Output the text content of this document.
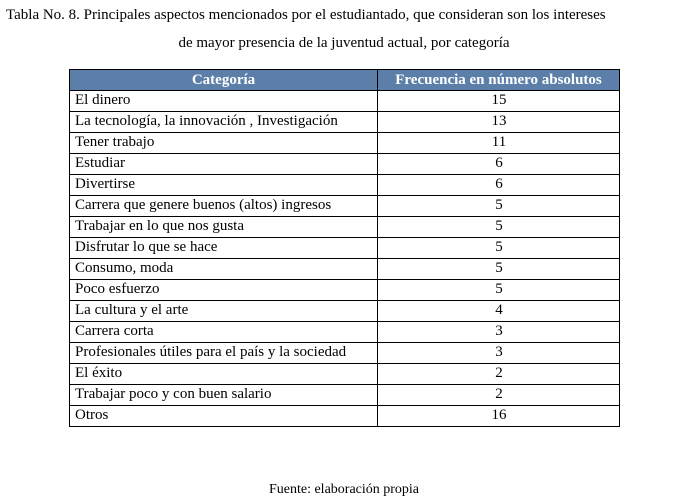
Tabla No. 8. Principales aspectos mencionados por el estudiantado, que consideran son los intereses
de mayor presencia de la juventud actual, por categoría
Categoría	Frecuencia en número absolutos
El dinero	15
La tecnología, la innovación , Investigación	13
Tener trabajo	11
Estudiar	6
Divertirse	6
Carrera que genere buenos (altos) ingresos	5
Trabajar en lo que nos gusta	5
Disfrutar lo que se hace	5
Consumo, moda	5
Poco esfuerzo	5
La cultura y el arte	4
Carrera corta	3
Profesionales útiles para el país y la sociedad	3
El éxito	2
Trabajar poco y con buen salario	2
Otros	16
Fuente: elaboración propia
